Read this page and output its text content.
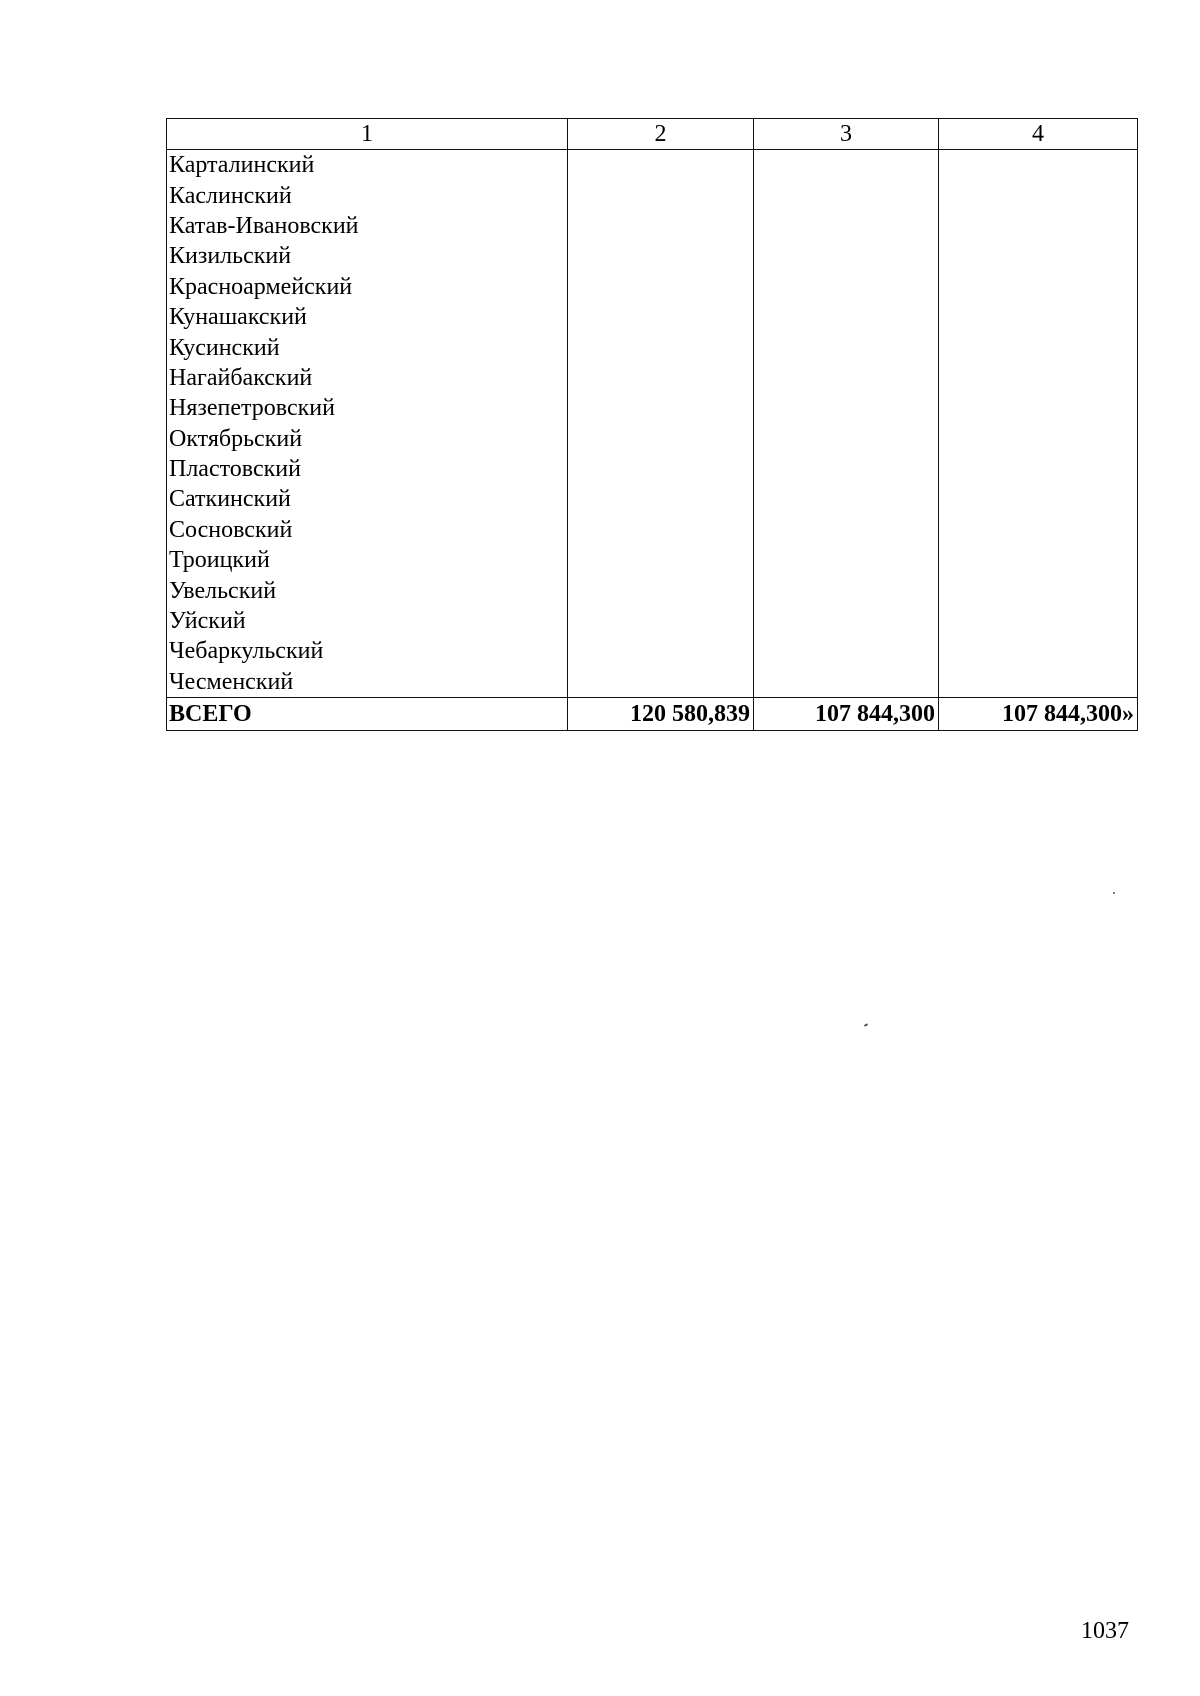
1	2	3	4
Карталинский			
Каслинский			
Катав-Ивановский			
Кизильский			
Красноармейский			
Кунашакский			
Кусинский			
Нагайбакский			
Нязепетровский			
Октябрьский			
Пластовский			
Саткинский			
Сосновский			
Троицкий			
Увельский			
Уйский			
Чебаркульский			
Чесменский			
ВСЕГО	120 580,839	107 844,300	107 844,300»
1037
